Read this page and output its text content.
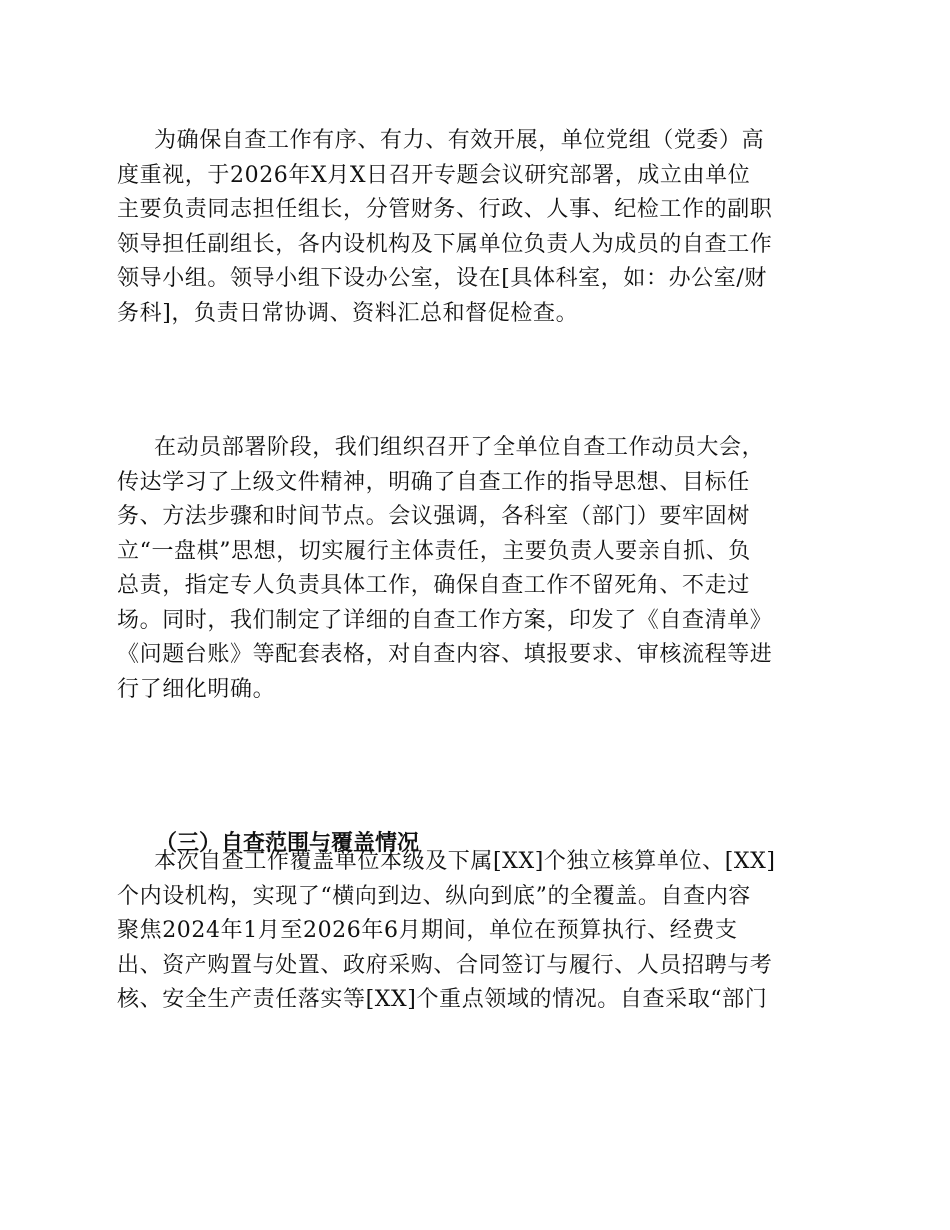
为确保自查工作有序、有力、有效开展，单位党组（党委）高
度重视，于2026年X月X日召开专题会议研究部署，成立由单位
主要负责同志担任组长，分管财务、行政、人事、纪检工作的副职
领导担任副组长，各内设机构及下属单位负责人为成员的自查工作
领导小组。领导小组下设办公室，设在[具体科室，如：办公室/财
务科]，负责日常协调、资料汇总和督促检查。
在动员部署阶段，我们组织召开了全单位自查工作动员大会，
传达学习了上级文件精神，明确了自查工作的指导思想、目标任
务、方法步骤和时间节点。会议强调，各科室（部门）要牢固树
立“一盘棋”思想，切实履行主体责任，主要负责人要亲自抓、负
总责，指定专人负责具体工作，确保自查工作不留死角、不走过
场。同时，我们制定了详细的自查工作方案，印发了《自查清单》
《问题台账》等配套表格，对自查内容、填报要求、审核流程等进
行了细化明确。
（三）自查范围与覆盖情况
本次自查工作覆盖单位本级及下属[XX]个独立核算单位、[XX]
个内设机构，实现了“横向到边、纵向到底”的全覆盖。自查内容
聚焦2024年1月至2026年6月期间，单位在预算执行、经费支
出、资产购置与处置、政府采购、合同签订与履行、人员招聘与考
核、安全生产责任落实等[XX]个重点领域的情况。自查采取“部门
